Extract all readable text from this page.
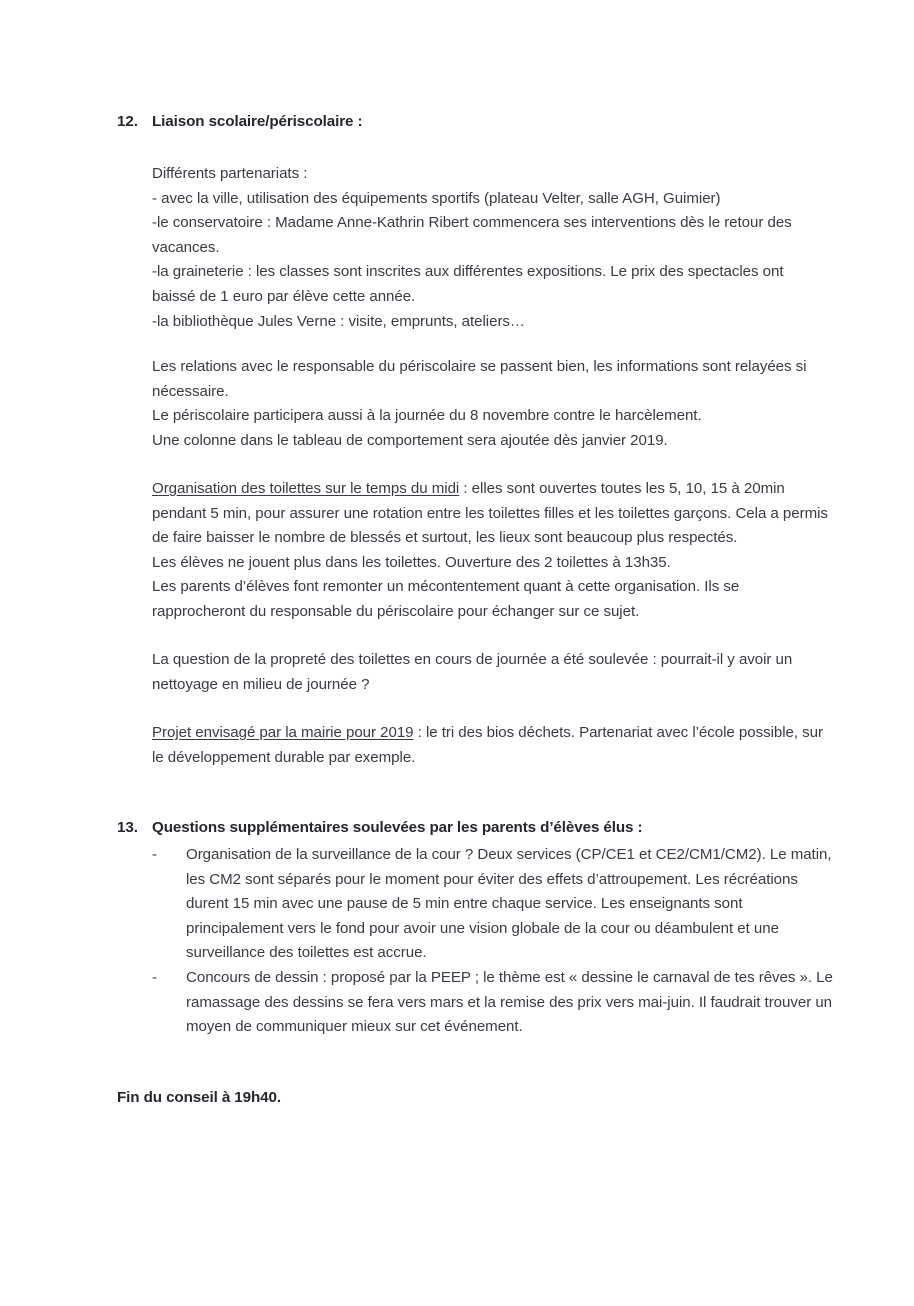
12. Liaison scolaire/périscolaire :

Différents partenariats :

- avec la ville, utilisation des équipements sportifs (plateau Velter, salle AGH, Guimier)

-le conservatoire : Madame Anne-Kathrin Ribert commencera ses interventions dès le retour des vacances.

-la graineterie : les classes sont inscrites aux différentes expositions. Le prix des spectacles ont baissé de 1 euro par élève cette année.

-la bibliothèque Jules Verne : visite, emprunts, ateliers…

Les relations avec le responsable du périscolaire se passent bien, les informations sont relayées si nécessaire.

Le périscolaire participera aussi à la journée du 8 novembre contre le harcèlement.

Une colonne dans le tableau de comportement sera ajoutée dès janvier 2019.

Organisation des toilettes sur le temps du midi : elles sont ouvertes toutes les 5, 10, 15 à 20min pendant 5 min, pour assurer une rotation entre les toilettes filles et les toilettes garçons. Cela a permis de faire baisser le nombre de blessés et surtout, les lieux sont beaucoup plus respectés.

Les élèves ne jouent plus dans les toilettes. Ouverture des 2 toilettes à 13h35.

Les parents d’élèves font remonter un mécontentement quant à cette organisation. Ils se rapprocheront du responsable du périscolaire pour échanger sur ce sujet.

La question de la propreté des toilettes en cours de journée a été soulevée : pourrait-il y avoir un nettoyage en milieu de journée ?

Projet envisagé par la mairie pour 2019 : le tri des bios déchets. Partenariat avec l’école possible, sur le développement durable par exemple.

13. Questions supplémentaires soulevées par les parents d’élèves élus :

-	Organisation de la surveillance de la cour ? Deux services (CP/CE1 et CE2/CM1/CM2). Le matin, les CM2 sont séparés pour le moment pour éviter des effets d’attroupement. Les récréations durent 15 min avec une pause de 5 min entre chaque service. Les enseignants sont principalement vers le fond pour avoir une vision globale de la cour ou déambulent et une surveillance des toilettes est accrue.

-	Concours de dessin : proposé par la PEEP ; le thème est « dessine le carnaval de tes rêves ». Le ramassage des dessins se fera vers mars et la remise des prix vers mai-juin. Il faudrait trouver un moyen de communiquer mieux sur cet événement.

Fin du conseil à 19h40.
